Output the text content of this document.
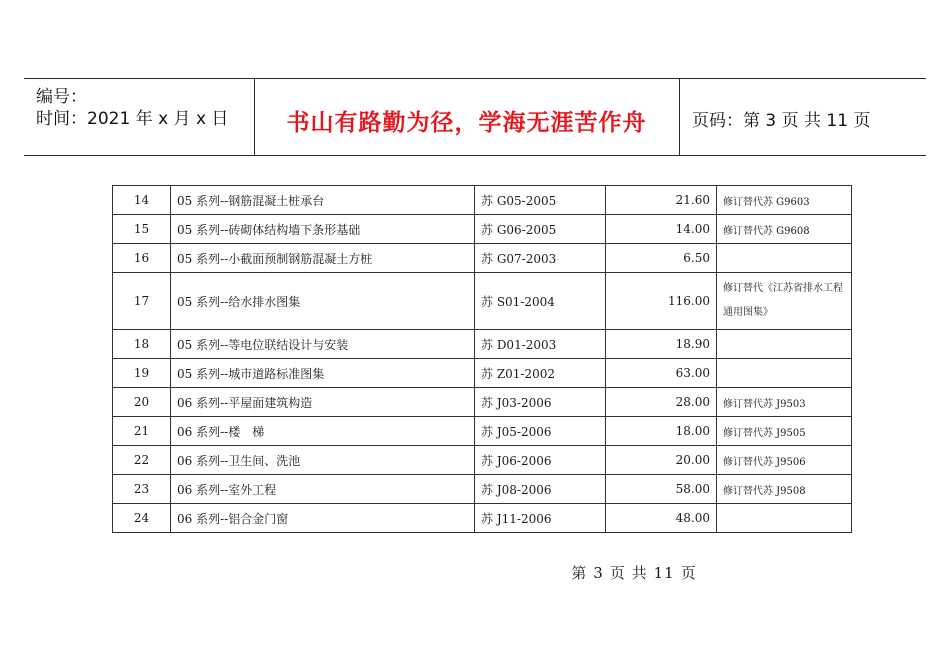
编号：
时间：2021 年 x 月 x 日	书山有路勤为径，学海无涯苦作舟	页码：第 3 页 共 11 页
14	05 系列--钢筋混凝土桩承台	苏 G05-2005	21.60	修订替代苏 G9603
15	05 系列--砖砌体结构墙下条形基础	苏 G06-2005	14.00	修订替代苏 G9608
16	05 系列--小截面预制钢筋混凝土方桩	苏 G07-2003	6.50	
17	05 系列--给水排水图集	苏 S01-2004	116.00	修订替代《江苏省排水工程通用图集》
18	05 系列--等电位联结设计与安装	苏 D01-2003	18.90	
19	05 系列--城市道路标准图集	苏 Z01-2002	63.00	
20	06 系列--平屋面建筑构造	苏 J03-2006	28.00	修订替代苏 J9503
21	06 系列--楼　梯	苏 J05-2006	18.00	修订替代苏 J9505
22	06 系列--卫生间、洗池	苏 J06-2006	20.00	修订替代苏 J9506
23	06 系列--室外工程	苏 J08-2006	58.00	修订替代苏 J9508
24	06 系列--铝合金门窗	苏 J11-2006	48.00	
第 3 页 共 11 页
